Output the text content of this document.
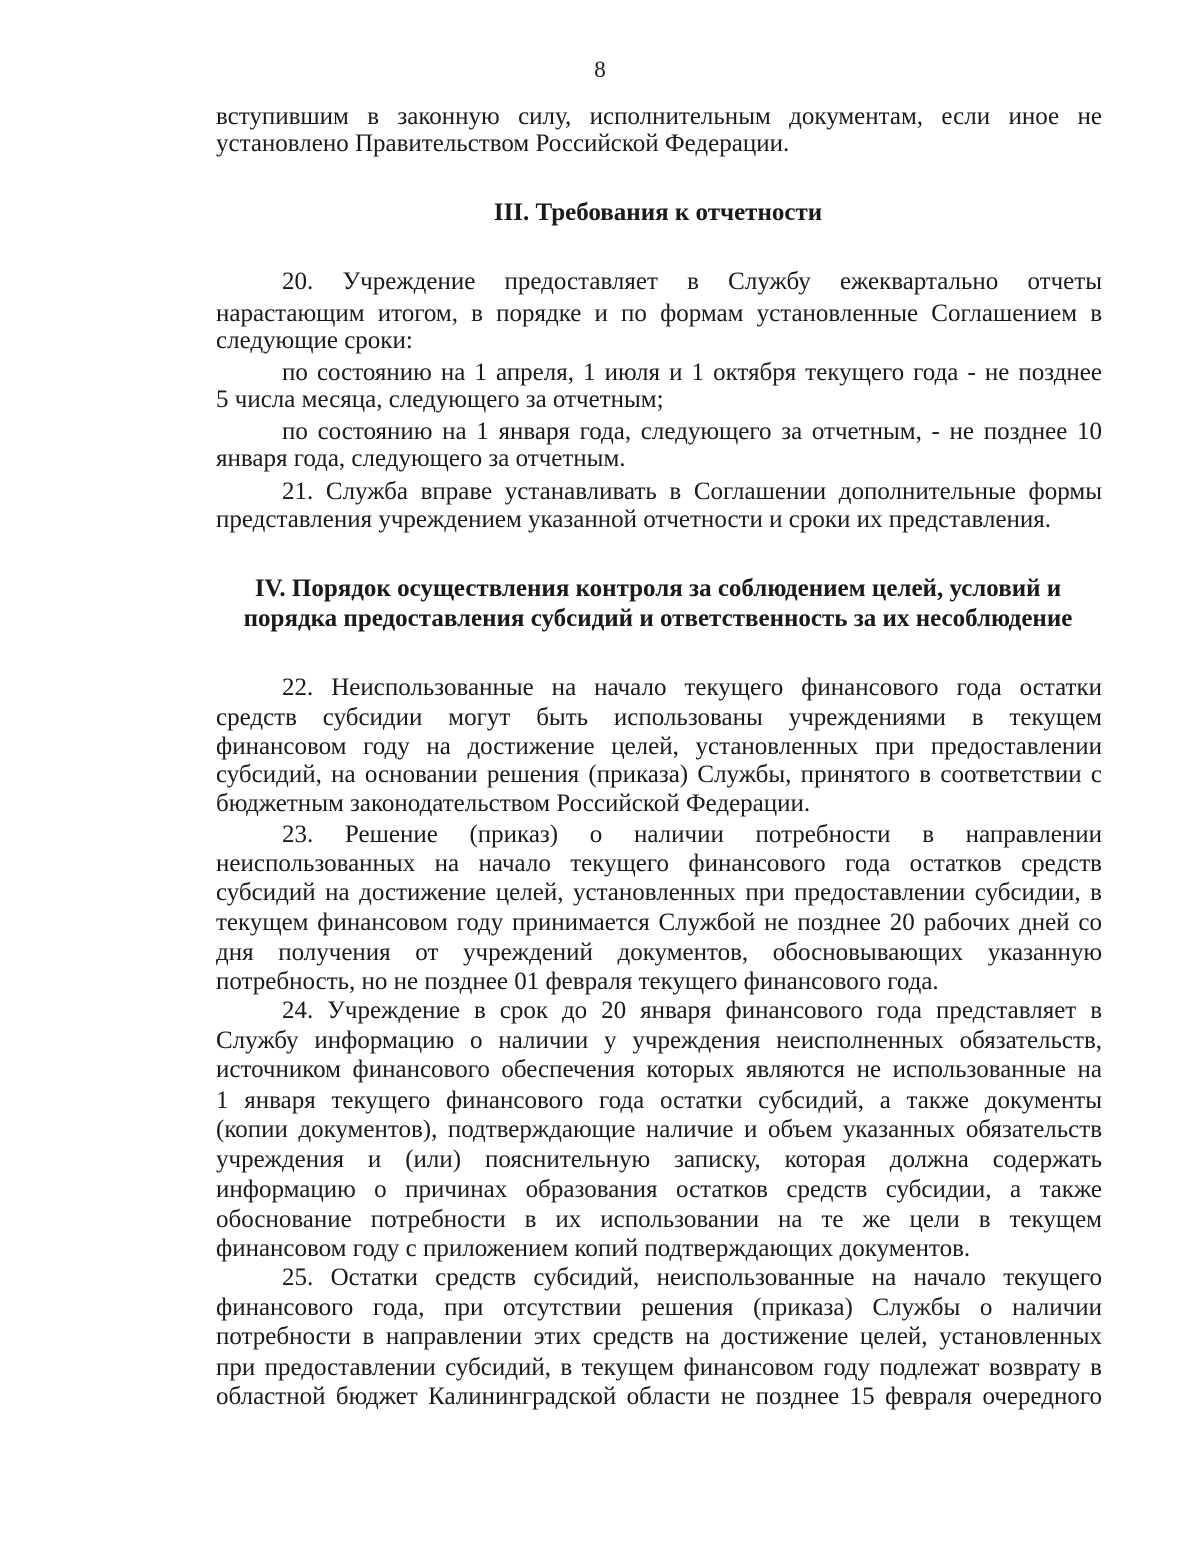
8
вступившим в законную силу, исполнительным документам, если иное не
установлено Правительством Российской Федерации.
III. Требования к отчетности
20. Учреждение предоставляет в Службу ежеквартально отчеты
нарастающим итогом, в порядке и по формам установленные Соглашением в
следующие сроки:
по состоянию на 1 апреля, 1 июля и 1 октября текущего года - не позднее
5 числа месяца, следующего за отчетным;
по состоянию на 1 января года, следующего за отчетным, - не позднее 10
января года, следующего за отчетным.
21. Служба вправе устанавливать в Соглашении дополнительные формы
представления учреждением указанной отчетности и сроки их представления.
IV. Порядок осуществления контроля за соблюдением целей, условий и
порядка предоставления субсидий и ответственность за их несоблюдение
22. Неиспользованные на начало текущего финансового года остатки
средств субсидии могут быть использованы учреждениями в текущем
финансовом году на достижение целей, установленных при предоставлении
субсидий, на основании решения (приказа) Службы, принятого в соответствии с
бюджетным законодательством Российской Федерации.
23. Решение (приказ) о наличии потребности в направлении
неиспользованных на начало текущего финансового года остатков средств
субсидий на достижение целей, установленных при предоставлении субсидии, в
текущем финансовом году принимается Службой не позднее 20 рабочих дней со
дня получения от учреждений документов, обосновывающих указанную
потребность, но не позднее 01 февраля текущего финансового года.
24. Учреждение в срок до 20 января финансового года представляет в
Службу информацию о наличии у учреждения неисполненных обязательств,
источником финансового обеспечения которых являются не использованные на
1 января текущего финансового года остатки субсидий, а также документы
(копии документов), подтверждающие наличие и объем указанных обязательств
учреждения и (или) пояснительную записку, которая должна содержать
информацию о причинах образования остатков средств субсидии, а также
обоснование потребности в их использовании на те же цели в текущем
финансовом году с приложением копий подтверждающих документов.
25. Остатки средств субсидий, неиспользованные на начало текущего
финансового года, при отсутствии решения (приказа) Службы о наличии
потребности в направлении этих средств на достижение целей, установленных
при предоставлении субсидий, в текущем финансовом году подлежат возврату в
областной бюджет Калининградской области не позднее 15 февраля очередного
